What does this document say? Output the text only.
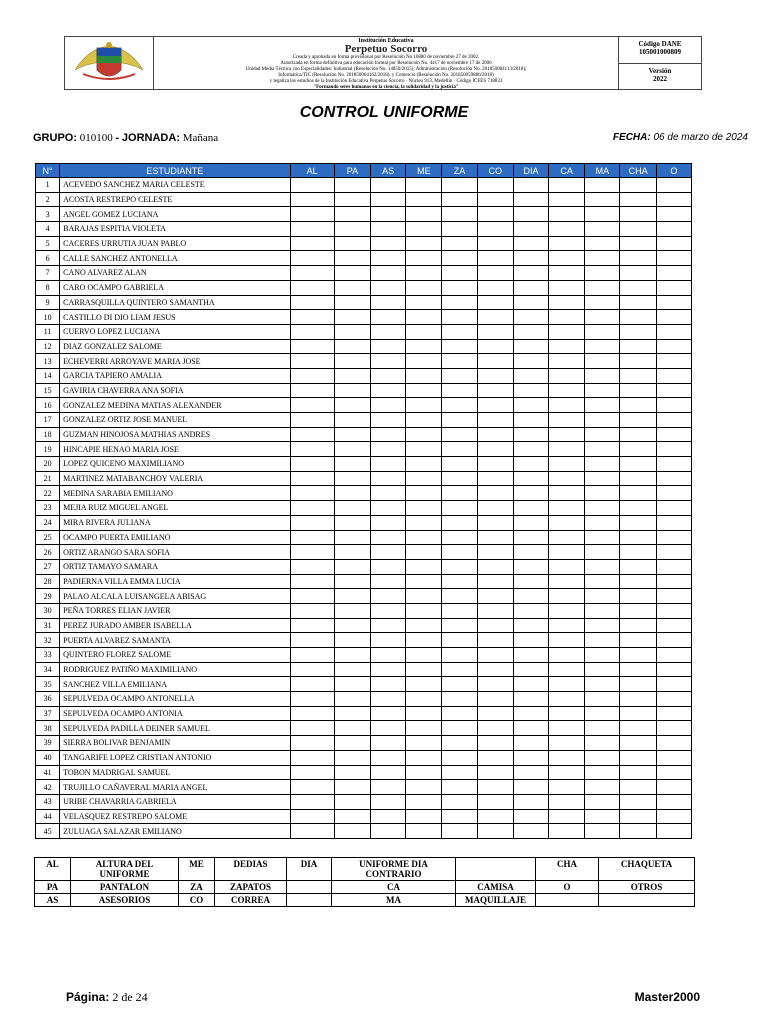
Institución Educativa
Perpetuo Socorro
Creada y aprobada en forma provisional por Resolución No 16880 de noviembre 27 de 2002.
Autorizada en forma definitiva para educación formal por Resolución No. 4417 de noviembre 17 de 2006
Unidad Media Técnica con Especialidades: Industrial (Resolución No. 14850/2015); Administración (Resolución No. 201850084113/2018);
Informática/TIC (Resolución No. 201850064162/2018), y Comercio (Resolución No. 201850059886/2018)
y legaliza los estudios de la Institución Educativa Perpetuo Socorro · Núcleo 913, Medellín · Código ICFES 718833
"Formando seres humanos en la ciencia, la solidaridad y la justicia"
Código DANE
105001000809
Versión
2022
CONTROL UNIFORME
GRUPO: 010100 - JORNADA: Mañana	FECHA: 06 de marzo de 2024
N°	ESTUDIANTE	AL	PA	AS	ME	ZA	CO	DIA	CA	MA	CHA	O
1	ACEVEDO SANCHEZ MARIA CELESTE											
2	ACOSTA RESTREPO CELESTE											
3	ANGEL GOMEZ LUCIANA											
4	BARAJAS ESPITIA VIOLETA											
5	CACERES URRUTIA JUAN PABLO											
6	CALLE SANCHEZ ANTONELLA											
7	CANO ALVAREZ ALAN											
8	CARO OCAMPO GABRIELA											
9	CARRASQUILLA QUINTERO SAMANTHA											
10	CASTILLO DI DIO LIAM JESUS											
11	CUERVO LOPEZ LUCIANA											
12	DIAZ GONZALEZ SALOME											
13	ECHEVERRI ARROYAVE MARIA JOSE											
14	GARCIA TAPIERO AMALIA											
15	GAVIRIA CHAVERRA ANA SOFIA											
16	GONZALEZ MEDINA MATIAS ALEXANDER											
17	GONZALEZ ORTIZ JOSE MANUEL											
18	GUZMAN HINOJOSA MATHIAS ANDRES											
19	HINCAPIE HENAO MARIA JOSE											
20	LOPEZ QUICENO MAXIMILIANO											
21	MARTINEZ MATABANCHOY VALERIA											
22	MEDINA SARABIA EMILIANO											
23	MEJIA RUIZ MIGUEL ANGEL											
24	MIRA RIVERA JULIANA											
25	OCAMPO PUERTA EMILIANO											
26	ORTIZ ARANGO SARA SOFIA											
27	ORTIZ TAMAYO SAMARA											
28	PADIERNA VILLA EMMA LUCIA											
29	PALAO ALCALA LUISANGELA ABISAG											
30	PEÑA TORRES ELIAN JAVIER											
31	PEREZ JURADO AMBER ISABELLA											
32	PUERTA ALVAREZ SAMANTA											
33	QUINTERO FLOREZ SALOME											
34	RODRIGUEZ PATIÑO MAXIMILIANO											
35	SANCHEZ VILLA EMILIANA											
36	SEPULVEDA OCAMPO ANTONELLA											
37	SEPULVEDA OCAMPO ANTONIA											
38	SEPULVEDA PADILLA DEINER SAMUEL											
39	SIERRA BOLIVAR BENJAMIN											
40	TANGARIFE LOPEZ CRISTIAN ANTONIO											
41	TOBON MADRIGAL SAMUEL											
42	TRUJILLO CAÑAVERAL MARIA ANGEL											
43	URIBE CHAVARRIA GABRIELA											
44	VELASQUEZ RESTREPO SALOME											
45	ZULUAGA SALAZAR EMILIANO											
AL	ALTURA DEL UNIFORME	ME	DEDIAS	DIA	UNIFORME DIA CONTRARIO		CHA	CHAQUETA
PA	PANTALON	ZA	ZAPATOS		CA	CAMISA	O	OTROS
AS	ASESORIOS	CO	CORREA		MA	MAQUILLAJE		
Página: 2 de 24	Master2000
